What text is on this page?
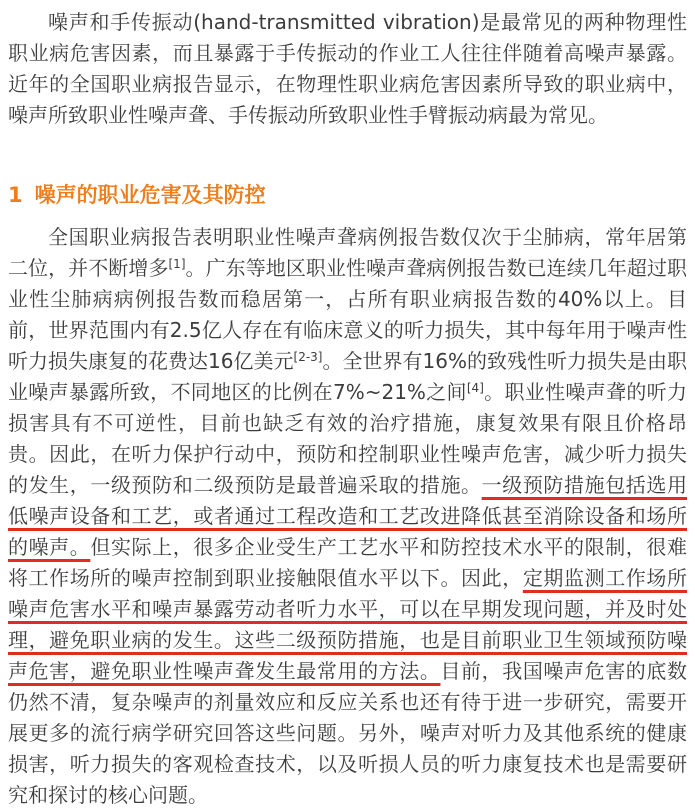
噪声和手传振动(hand-transmitted vibration)是最常见的两种物理性职业病危害因素，而且暴露于手传振动的作业工人往往伴随着高噪声暴露。近年的全国职业病报告显示，在物理性职业病危害因素所导致的职业病中，噪声所致职业性噪声聋、手传振动所致职业性手臂振动病最为常见。

1 噪声的职业危害及其防控

全国职业病报告表明职业性噪声聋病例报告数仅次于尘肺病，常年居第二位，并不断增多[1]。广东等地区职业性噪声聋病例报告数已连续几年超过职业性尘肺病病例报告数而稳居第一，占所有职业病报告数的40%以上。目前，世界范围内有2.5亿人存在有临床意义的听力损失，其中每年用于噪声性听力损失康复的花费达16亿美元[2-3]。全世界有16%的致残性听力损失是由职业噪声暴露所致，不同地区的比例在7%~21%之间[4]。职业性噪声聋的听力损害具有不可逆性，目前也缺乏有效的治疗措施，康复效果有限且价格昂贵。因此，在听力保护行动中，预防和控制职业性噪声危害，减少听力损失的发生，一级预防和二级预防是最普遍采取的措施。一级预防措施包括选用低噪声设备和工艺，或者通过工程改造和工艺改进降低甚至消除设备和场所的噪声。但实际上，很多企业受生产工艺水平和防控技术水平的限制，很难将工作场所的噪声控制到职业接触限值水平以下。因此，定期监测工作场所噪声危害水平和噪声暴露劳动者听力水平，可以在早期发现问题，并及时处理，避免职业病的发生。这些二级预防措施，也是目前职业卫生领域预防噪声危害，避免职业性噪声聋发生最常用的方法。目前，我国噪声危害的底数仍然不清，复杂噪声的剂量效应和反应关系也还有待于进一步研究，需要开展更多的流行病学研究回答这些问题。另外，噪声对听力及其他系统的健康损害，听力损失的客观检查技术，以及听损人员的听力康复技术也是需要研究和探讨的核心问题。
